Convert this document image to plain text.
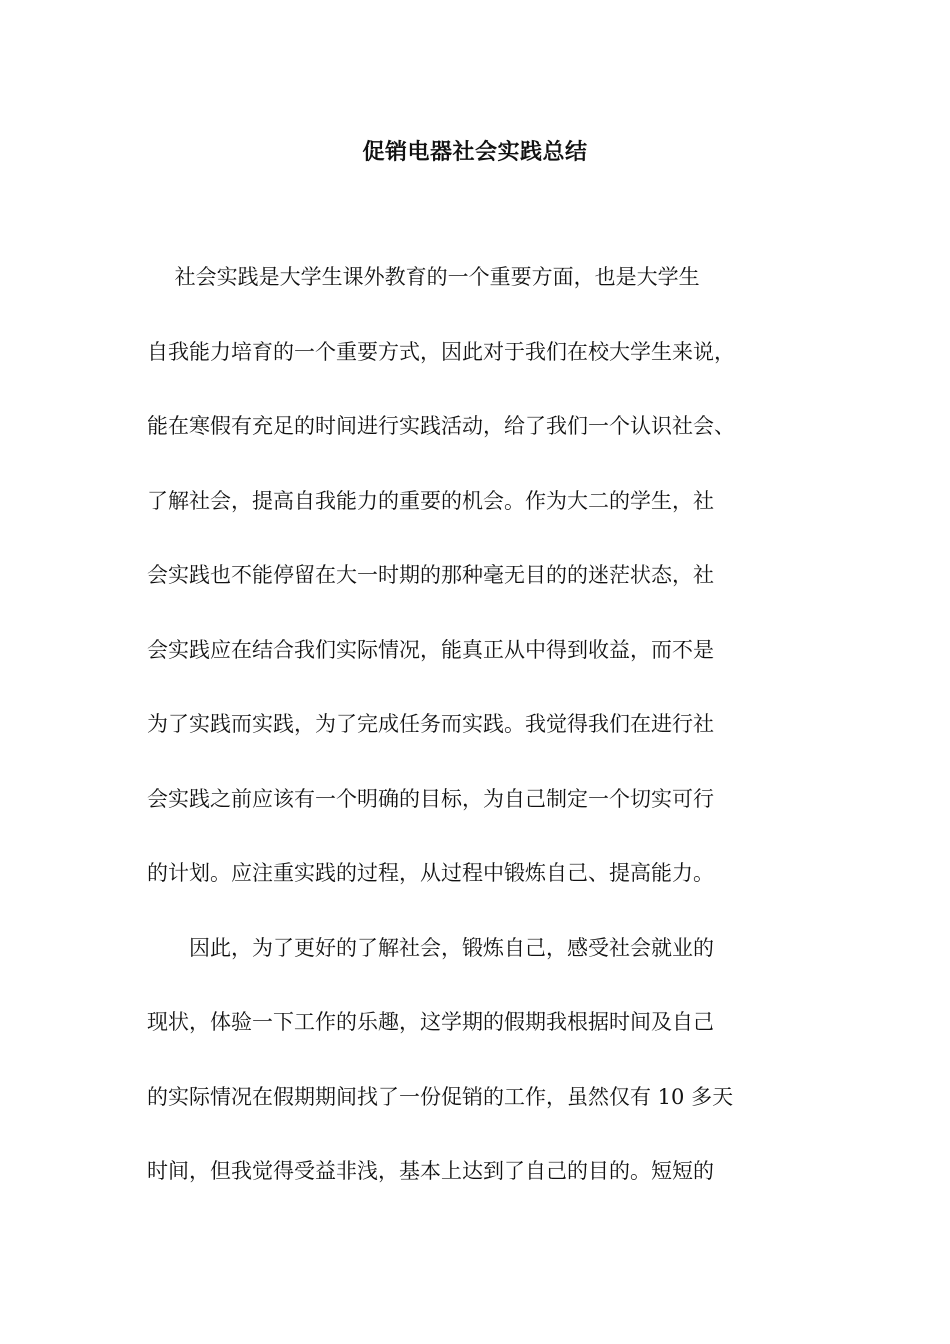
促销电器社会实践总结
　 社会实践是大学生课外教育的一个重要方面，也是大学生
自我能力培育的一个重要方式，因此对于我们在校大学生来说，
能在寒假有充足的时间进行实践活动，给了我们一个认识社会、
了解社会，提高自我能力的重要的机会。作为大二的学生，社
会实践也不能停留在大一时期的那种毫无目的的迷茫状态，社
会实践应在结合我们实际情况，能真正从中得到收益，而不是
为了实践而实践，为了完成任务而实践。我觉得我们在进行社
会实践之前应该有一个明确的目标，为自己制定一个切实可行
的计划。应注重实践的过程，从过程中锻炼自己、提高能力。
　　因此，为了更好的了解社会，锻炼自己，感受社会就业的
现状，体验一下工作的乐趣，这学期的假期我根据时间及自己
的实际情况在假期期间找了一份促销的工作，虽然仅有 10 多天
时间，但我觉得受益非浅，基本上达到了自己的目的。短短的
